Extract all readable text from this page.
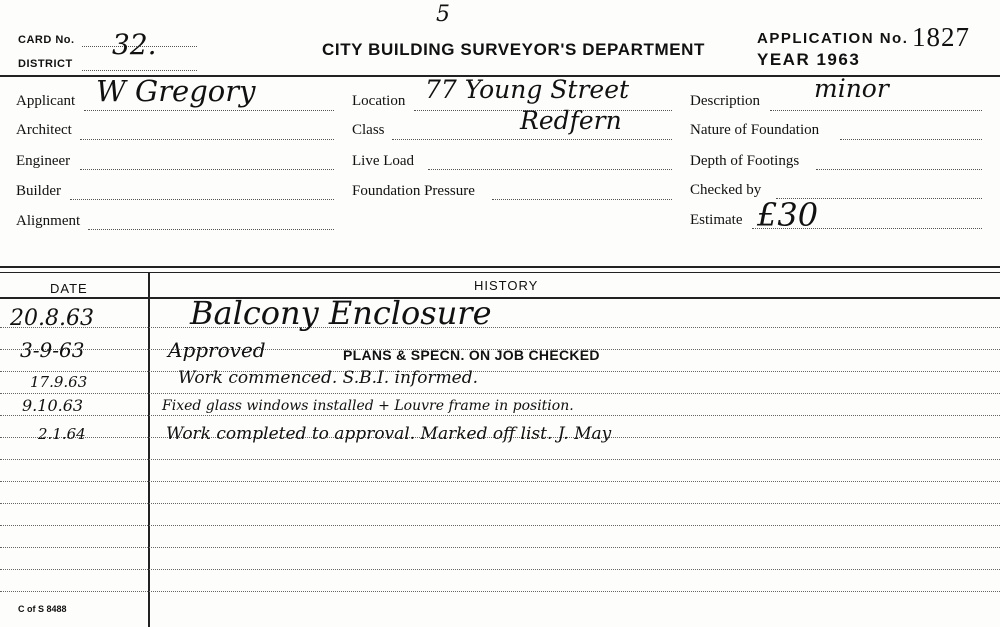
5
CARD No. 32.
DISTRICT
CITY BUILDING SURVEYOR'S DEPARTMENT
APPLICATION No. 1827
YEAR 1963
Applicant W Gregory
Architect
Engineer
Builder
Alignment
Location 77 Young Street
Class	Redfern
Live Load
Foundation Pressure
Description minor
Nature of Foundation
Depth of Footings
Checked by
Estimate £30
DATE	HISTORY
20.8.63	Balcony Enclosure
3-9-63	Approved	PLANS & SPECN. ON JOB CHECKED
17.9.63	Work commenced. S.B.I. informed.
9.10.63	Fixed glass windows installed + Louvre frame in position.
2.1.64	Work completed to approval. Marked off list. J. May
C of S 8488
